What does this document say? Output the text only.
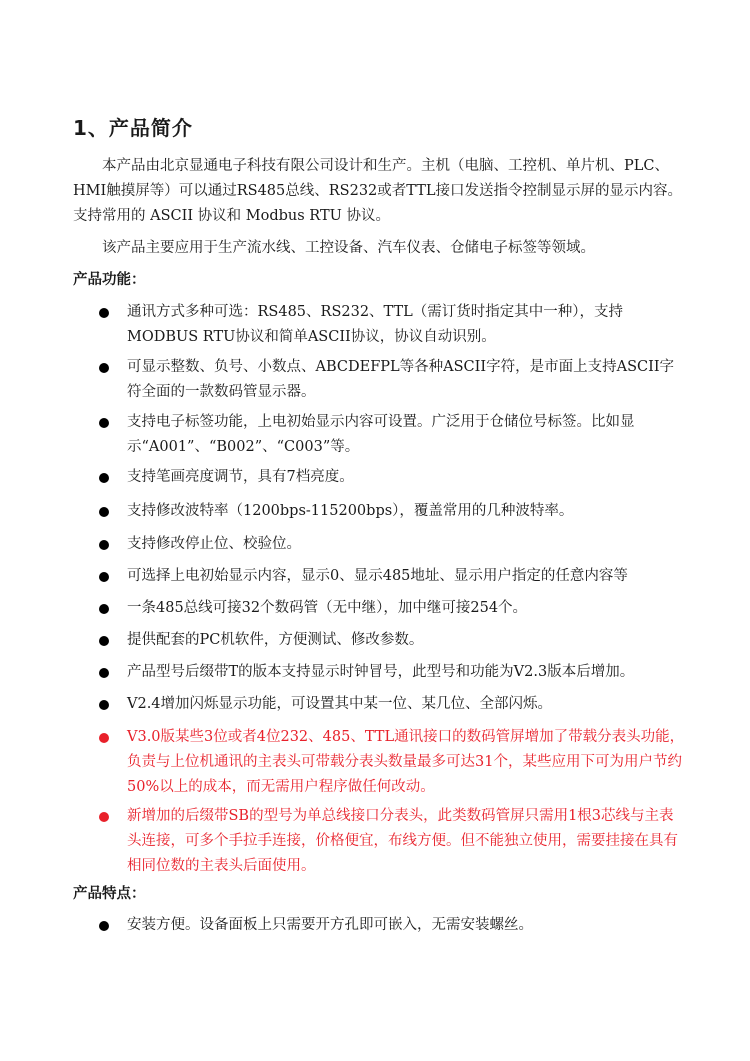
1、产品简介
本产品由北京显通电子科技有限公司设计和生产。主机（电脑、工控机、单片机、PLC、HMI触摸屏等）可以通过RS485总线、RS232或者TTL接口发送指令控制显示屏的显示内容。支持常用的 ASCII 协议和 Modbus RTU 协议。
该产品主要应用于生产流水线、工控设备、汽车仪表、仓储电子标签等领域。
产品功能：
通讯方式多种可选：RS485、RS232、TTL（需订货时指定其中一种），支持MODBUS RTU协议和简单ASCII协议，协议自动识别。
可显示整数、负号、小数点、ABCDEFPL等各种ASCII字符，是市面上支持ASCII字符全面的一款数码管显示器。
支持电子标签功能，上电初始显示内容可设置。广泛用于仓储位号标签。比如显示“A001”、“B002”、“C003”等。
支持笔画亮度调节，具有7档亮度。
支持修改波特率（1200bps-115200bps），覆盖常用的几种波特率。
支持修改停止位、校验位。
可选择上电初始显示内容，显示0、显示485地址、显示用户指定的任意内容等
一条485总线可接32个数码管（无中继），加中继可接254个。
提供配套的PC机软件，方便测试、修改参数。
产品型号后缀带T的版本支持显示时钟冒号，此型号和功能为V2.3版本后增加。
V2.4增加闪烁显示功能，可设置其中某一位、某几位、全部闪烁。
V3.0版某些3位或者4位232、485、TTL通讯接口的数码管屏增加了带载分表头功能，负责与上位机通讯的主表头可带载分表头数量最多可达31个，某些应用下可为用户节约50%以上的成本，而无需用户程序做任何改动。
新增加的后缀带SB的型号为单总线接口分表头，此类数码管屏只需用1根3芯线与主表头连接，可多个手拉手连接，价格便宜，布线方便。但不能独立使用，需要挂接在具有相同位数的主表头后面使用。
产品特点：
安装方便。设备面板上只需要开方孔即可嵌入，无需安装螺丝。
